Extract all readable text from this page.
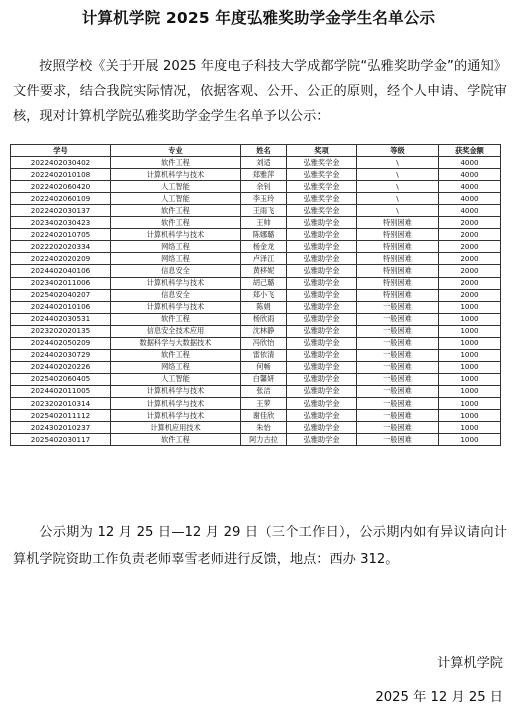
计算机学院 2025 年度弘雅奖助学金学生名单公示
按照学校《关于开展 2025 年度电子科技大学成都学院“弘雅奖助学金”的通知》文件要求，结合我院实际情况，依据客观、公开、公正的原则，经个人申请、学院审核，现对计算机学院弘雅奖助学金学生名单予以公示：
学号	专业	姓名	奖项	等级	获奖金额
2022402030402	软件工程	刘适	弘雅奖学金	\	4000
2022402010108	计算机科学与技术	郑雅萍	弘雅奖学金	\	4000
2022402060420	人工智能	余钊	弘雅奖学金	\	4000
2022402060109	人工智能	李玉玲	弘雅奖学金	\	4000
2022402030137	软件工程	王雨飞	弘雅奖学金	\	4000
2023402030423	软件工程	王帅	弘雅助学金	特别困难	2000
2022402010705	计算机科学与技术	陈娜璐	弘雅助学金	特别困难	2000
2022202020334	网络工程	杨金龙	弘雅助学金	特别困难	2000
2022402020209	网络工程	卢泽江	弘雅助学金	特别困难	2000
2024402040106	信息安全	黄移妮	弘雅助学金	特别困难	2000
2023402011006	计算机科学与技术	胡己璐	弘雅助学金	特别困难	2000
2025402040207	信息安全	郑小飞	弘雅助学金	特别困难	2000
2024402010106	计算机科学与技术	陈娟	弘雅助学金	一般困难	1000
2024402030531	软件工程	杨欣雨	弘雅助学金	一般困难	1000
2023202020135	信息安全技术应用	沈林静	弘雅助学金	一般困难	1000
2024402050209	数据科学与大数据技术	冯欣怡	弘雅助学金	一般困难	1000
2024402030729	软件工程	雷依清	弘雅助学金	一般困难	1000
2024402020226	网络工程	何畅	弘雅助学金	一般困难	1000
2025402060405	人工智能	白馨妍	弘雅助学金	一般困难	1000
2024402011005	计算机科学与技术	张洁	弘雅助学金	一般困难	1000
2023202010314	计算机科学与技术	王萝	弘雅助学金	一般困难	1000
2025402011112	计算机科学与技术	谢佳欣	弘雅助学金	一般困难	1000
2024302010237	计算机应用技术	朱怡	弘雅助学金	一般困难	1000
2025402030117	软件工程	阿力古拉	弘雅助学金	一般困难	1000
公示期为 12 月 25 日—12 月 29 日（三个工作日），公示期内如有异议请向计算机学院资助工作负责老师辜雪老师进行反馈，地点：西办 312。
计算机学院
2025 年 12 月 25 日
